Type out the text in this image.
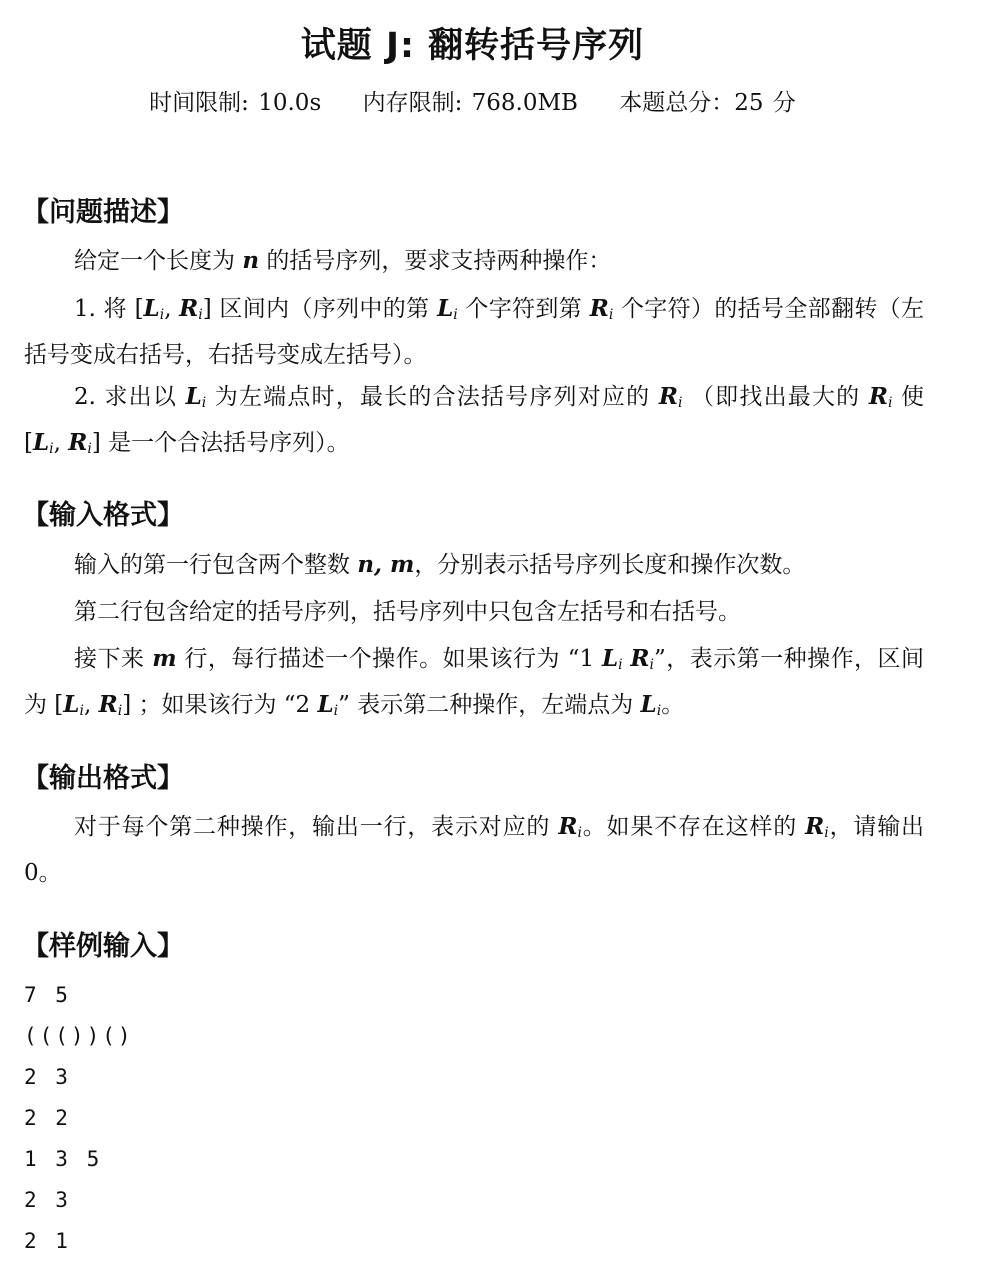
试题 J: 翻转括号序列
时间限制: 10.0s 内存限制: 768.0MB 本题总分：25 分
【问题描述】
给定一个长度为 n 的括号序列，要求支持两种操作：
1. 将 [$L_i$, $R_i$] 区间内（序列中的第 $L_i$ 个字符到第 $R_i$ 个字符）的括号全部翻转（左括号变成右括号，右括号变成左括号）。
2. 求出以 $L_i$ 为左端点时，最长的合法括号序列对应的 $R_i$ （即找出最大的 $R_i$ 使 [$L_i$, $R_i$] 是一个合法括号序列）。
【输入格式】
输入的第一行包含两个整数 n, m，分别表示括号序列长度和操作次数。
第二行包含给定的括号序列，括号序列中只包含左括号和右括号。
接下来 m 行，每行描述一个操作。如果该行为 “1 $L_i$ $R_i$”，表示第一种操作，区间为 [$L_i$, $R_i$] ；如果该行为 “2 $L_i$” 表示第二种操作，左端点为 $L_i$。
【输出格式】
对于每个第二种操作，输出一行，表示对应的 $R_i$。如果不存在这样的 $R_i$，请输出 0。
【样例输入】
7 5
((())()
2 3
2 2
1 3 5
2 3
2 1
